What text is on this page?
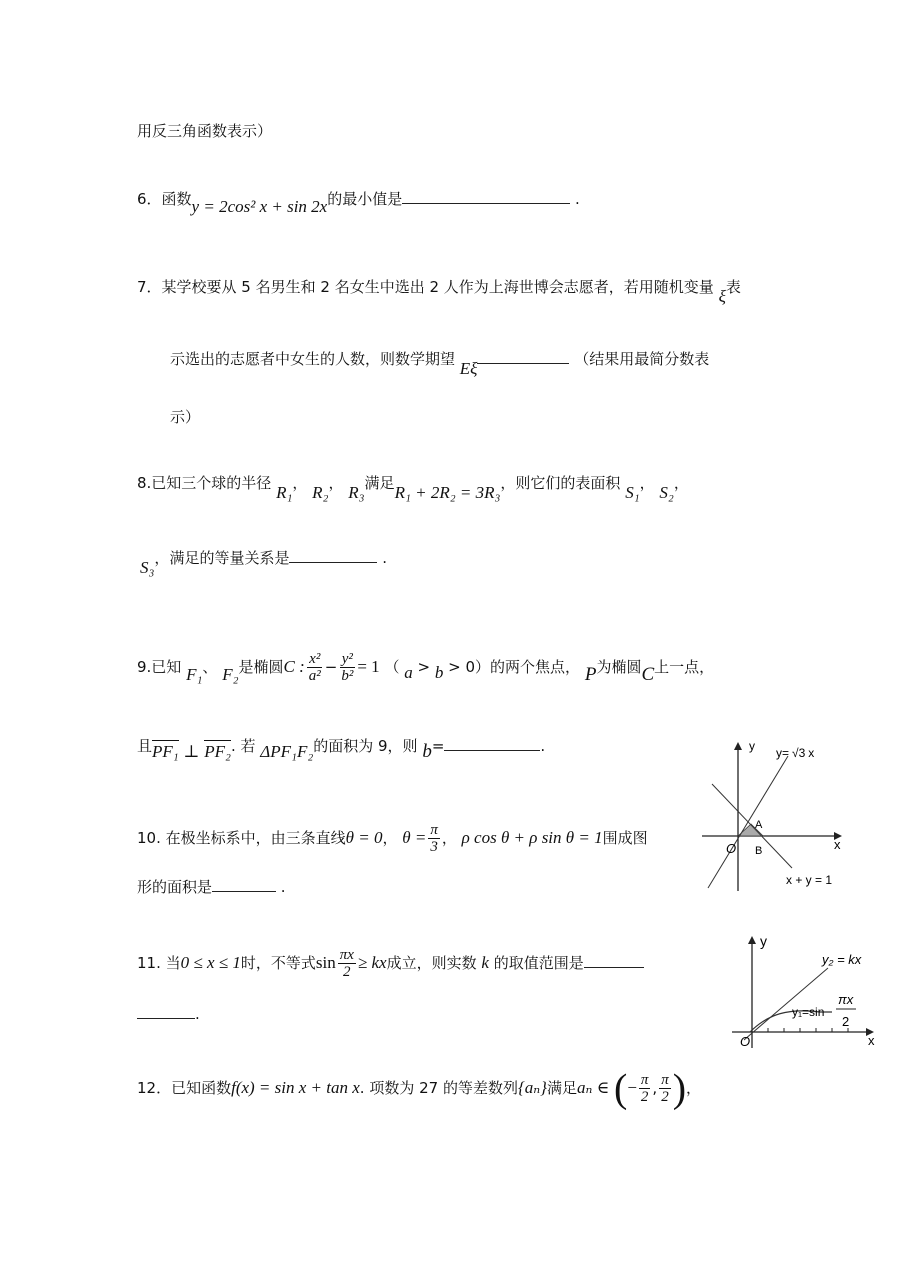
用反三角函数表示）
6．函数y = 2cos² x + sin 2x的最小值是	.
7．某学校要从 5 名男生和 2 名女生中选出 2 人作为上海世博会志愿者，若用随机变量 ξ表
示选出的志愿者中女生的人数，则数学期望 Eξ	（结果用最简分数表
示）
8.已知三个球的半径 R₁， R₂， R₃满足R₁ + 2R₂ = 3R₃，则它们的表面积 S₁， S₂，
S₃，满足的等量关系是	.
9.已知 F₁、 F₂是椭圆C : $\frac{\text{x²}}{\text{a²}} - \frac{\text{y²}}{\text{b²}} = 1$ （ a > b > 0）的两个焦点， P为椭圆C上一点，
且PF₁ ⊥ PF₂. 若 ΔPF₁F₂的面积为 9，则 b=	.
10. 在极坐标系中，由三条直线θ = 0， $\theta = \frac{\pi}{3}$ ， ρ cos θ + ρ sin θ = 1围成图
形的面积是	.
y
x
y= √3 x
A
B
O
x + y = 1
11. 当0 ≤ x ≤ 1时，不等式$\sin \frac{\pi x}{2}$ ≥ kx成立，则实数 k 的取值范围是
.
y
x
O
y₂ = kx
y₁=sin
πx
2
12．已知函数f(x) = sin x + tan x. 项数为 27 的等差数列{aₙ}满足aₙ ∈ (− $\frac{\pi}{2}$ , $\frac{\pi}{2}$ )，
